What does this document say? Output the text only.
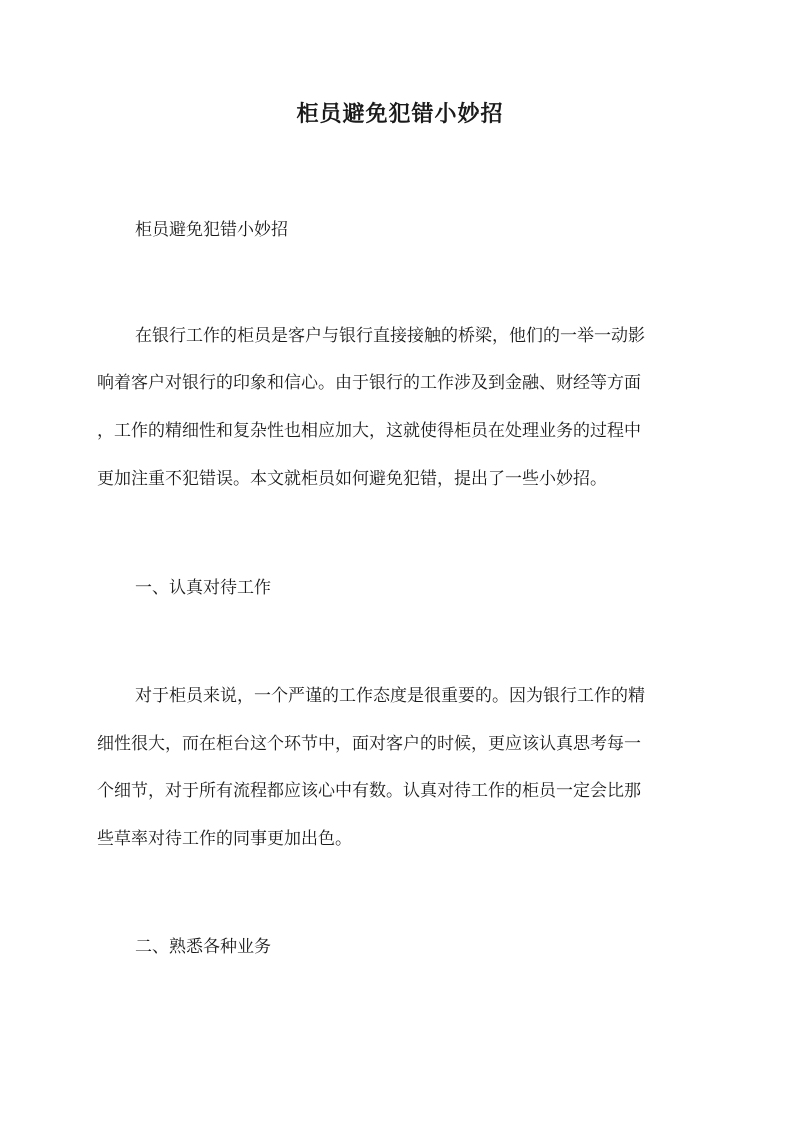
柜员避免犯错小妙招

柜员避免犯错小妙招

在银行工作的柜员是客户与银行直接接触的桥梁，他们的一举一动影

响着客户对银行的印象和信心。由于银行的工作涉及到金融、财经等方面

，工作的精细性和复杂性也相应加大，这就使得柜员在处理业务的过程中

更加注重不犯错误。本文就柜员如何避免犯错，提出了一些小妙招。

一、认真对待工作

对于柜员来说，一个严谨的工作态度是很重要的。因为银行工作的精

细性很大，而在柜台这个环节中，面对客户的时候，更应该认真思考每一

个细节，对于所有流程都应该心中有数。认真对待工作的柜员一定会比那

些草率对待工作的同事更加出色。

二、熟悉各种业务
